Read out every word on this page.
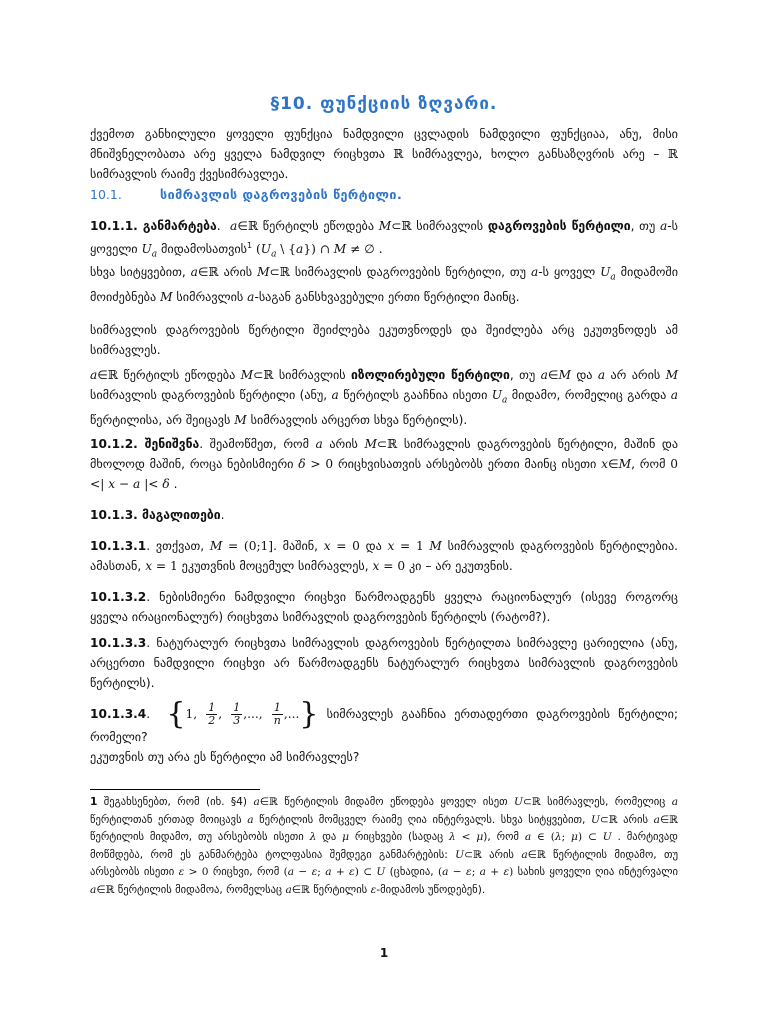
§10. ფუნქციის ზღვარი.
ქვემოთ განხილული ყოველი ფუნქცია ნამდვილი ცვლადის ნამდვილი ფუნქციაა, ანუ, მისი მნიშვნელობათა არე ყველა ნამდვილ რიცხვთა ℝ სიმრავლეა, ხოლო განსაზღვრის არე – ℝ სიმრავლის რაიმე ქვესიმრავლეა.
10.1.	სიმრავლის დაგროვების წერტილი.
10.1.1. განმარტება.  a∈ℝ წერტილს ეწოდება M⊂ℝ სიმრავლის დაგროვების წერტილი, თუ a-ს ყოველი $U_a$ მიდამოსათვის$^1$ ($U_a$ \ {a}) ∩ M ≠ ∅ .
სხვა სიტყვებით, a∈ℝ არის M⊂ℝ სიმრავლის დაგროვების წერტილი, თუ a-ს ყოველ $U_a$ მიდამოში მოიძებნება M სიმრავლის a-საგან განსხვავებული ერთი წერტილი მაინც.
სიმრავლის დაგროვების წერტილი შეიძლება ეკუთვნოდეს და შეიძლება არც ეკუთვნოდეს ამ სიმრავლეს.
a∈ℝ წერტილს ეწოდება M⊂ℝ სიმრავლის იზოლირებული წერტილი, თუ a∈M და a არ არის M სიმრავლის დაგროვების წერტილი (ანუ, a წერტილს გააჩნია ისეთი $U_a$ მიდამო, რომელიც გარდა a წერტილისა, არ შეიცავს M სიმრავლის არცერთ სხვა წერტილს).
10.1.2. შენიშვნა. შეამოწმეთ, რომ a არის M⊂ℝ სიმრავლის დაგროვების წერტილი, მაშინ და მხოლოდ მაშინ, როცა ნებისმიერი δ > 0 რიცხვისათვის არსებობს ერთი მაინც ისეთი x∈M, რომ 0 <| x − a |< δ .
10.1.3. მაგალითები.
10.1.3.1. ვთქვათ, M = (0;1]. მაშინ, x = 0 და x = 1 M სიმრავლის დაგროვების წერტილებია. ამასთან, x = 1 ეკუთვნის მოცემულ სიმრავლეს, x = 0 კი – არ ეკუთვნის.
10.1.3.2. ნებისმიერი ნამდვილი რიცხვი წარმოადგენს ყველა რაციონალურ (ისევე როგორც ყველა ირაციონალურ) რიცხვთა სიმრავლის დაგროვების წერტილს (რატომ?).
10.1.3.3. ნატურალურ რიცხვთა სიმრავლის დაგროვების წერტილთა სიმრავლე ცარიელია (ანუ, არცერთი ნამდვილი რიცხვი არ წარმოადგენს ნატურალურ რიცხვთა სიმრავლის დაგროვების წერტილს).
10.1.3.4.  {1, $\frac{1}{2}$ , $\frac{1}{3}$ ,..., $\frac{1}{n}$ ,...} სიმრავლეს გააჩნია ერთადერთი დაგროვების წერტილი; რომელი?
ეკუთვნის თუ არა ეს წერტილი ამ სიმრავლეს?
1 შეგახსენებთ, რომ (იხ. §4) a∈ℝ წერტილის მიდამო ეწოდება ყოველ ისეთ U⊂ℝ სიმრავლეს, რომელიც a წერტილთან ერთად მოიცავს a წერტილის მომცველ რაიმე ღია ინტერვალს. სხვა სიტყვებით, U⊂ℝ არის a∈ℝ წერტილის მიდამო, თუ არსებობს ისეთი λ და μ რიცხვები (სადაც λ < μ), რომ a ∈ (λ; μ) ⊂ U . მარტივად მოწმდება, რომ ეს განმარტება ტოლფასია შემდეგი განმარტების: U⊂ℝ არის a∈ℝ წერტილის მიდამო, თუ არსებობს ისეთი ε > 0 რიცხვი, რომ (a − ε; a + ε) ⊂ U (ცხადია, (a − ε; a + ε) სახის ყოველი ღია ინტერვალი a∈ℝ წერტილის მიდამოა, რომელსაც a∈ℝ წერტილის ε-მიდამოს უწოდებენ).
1
